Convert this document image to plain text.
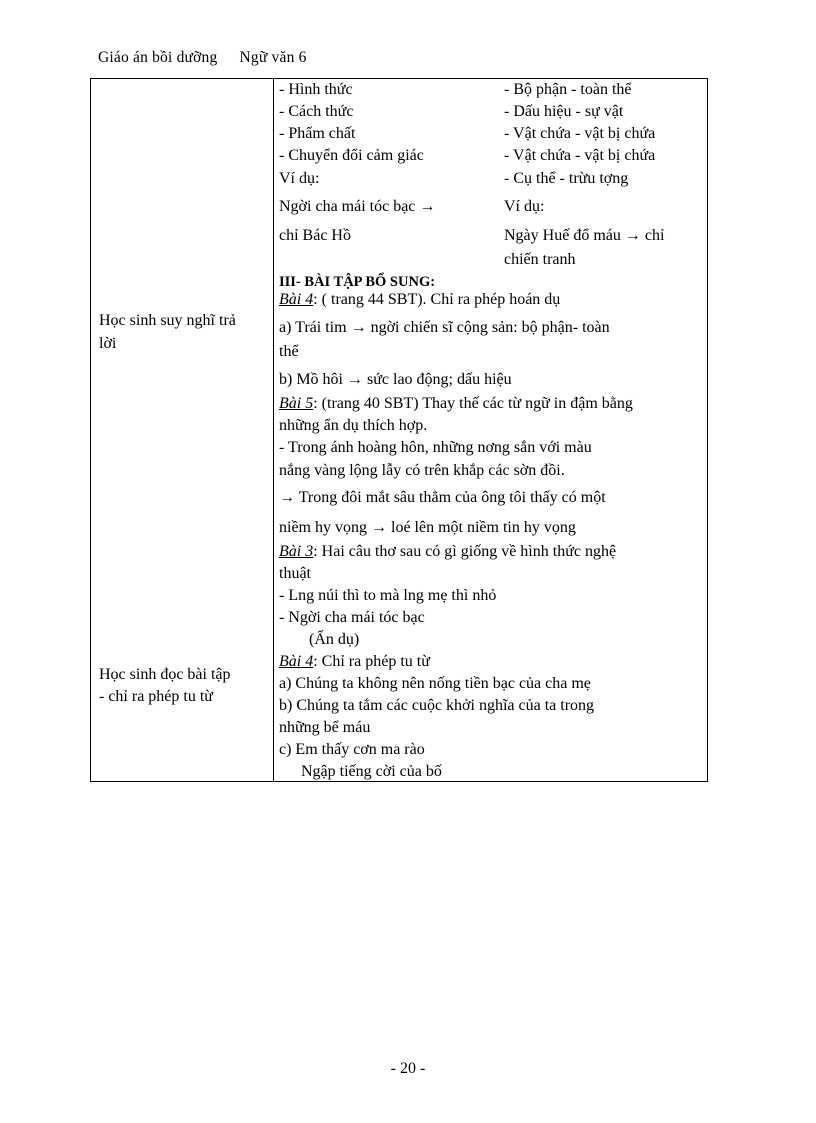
Giáo án bồi dưỡng Ngữ văn 6
Học sinh suy nghĩ trả
lời
Học sinh đọc bài tập
- chỉ ra phép tu từ
- Hình thức
- Cách thức
- Phẩm chất
- Chuyển đổi cảm giác
Ví dụ:
- Bộ phận - toàn thể
- Dấu hiệu - sự vật
- Vật chứa - vật bị chứa
- Vật chứa - vật bị chứa
- Cụ thể - trừu tợng
Ngời cha mái tóc bạc →
chỉ Bác Hồ
Ví dụ:
Ngày Huế đổ máu → chỉ
chiến tranh
III- BÀI TẬP BỔ SUNG:
Bài 4: ( trang 44 SBT). Chỉ ra phép hoán dụ
a) Trái tim → ngời chiến sĩ cộng sản: bộ phận- toàn
thể
b) Mồ hôi → sức lao động; dấu hiệu
Bài 5: (trang 40 SBT) Thay thế các từ ngữ in đậm bằng
những ẩn dụ thích hợp.
- Trong ánh hoàng hôn, những nơng sắn với màu
nắng vàng lộng lẫy có trên khắp các sờn đồi.
→ Trong đôi mắt sâu thẳm của ông tôi thấy có một
niềm hy vọng → loé lên một niềm tin hy vọng
Bài 3: Hai câu thơ sau có gì giống về hình thức nghệ
thuật
- Lng núi thì to mà lng mẹ thì nhỏ
- Ngời cha mái tóc bạc
(Ẩn dụ)
Bài 4: Chỉ ra phép tu từ
a) Chúng ta không nên nống tiền bạc của cha mẹ
b) Chúng ta tắm các cuộc khởi nghĩa của ta trong
những bể máu
c) Em thấy cơn ma rào
Ngập tiếng cời của bố
- 20 -
